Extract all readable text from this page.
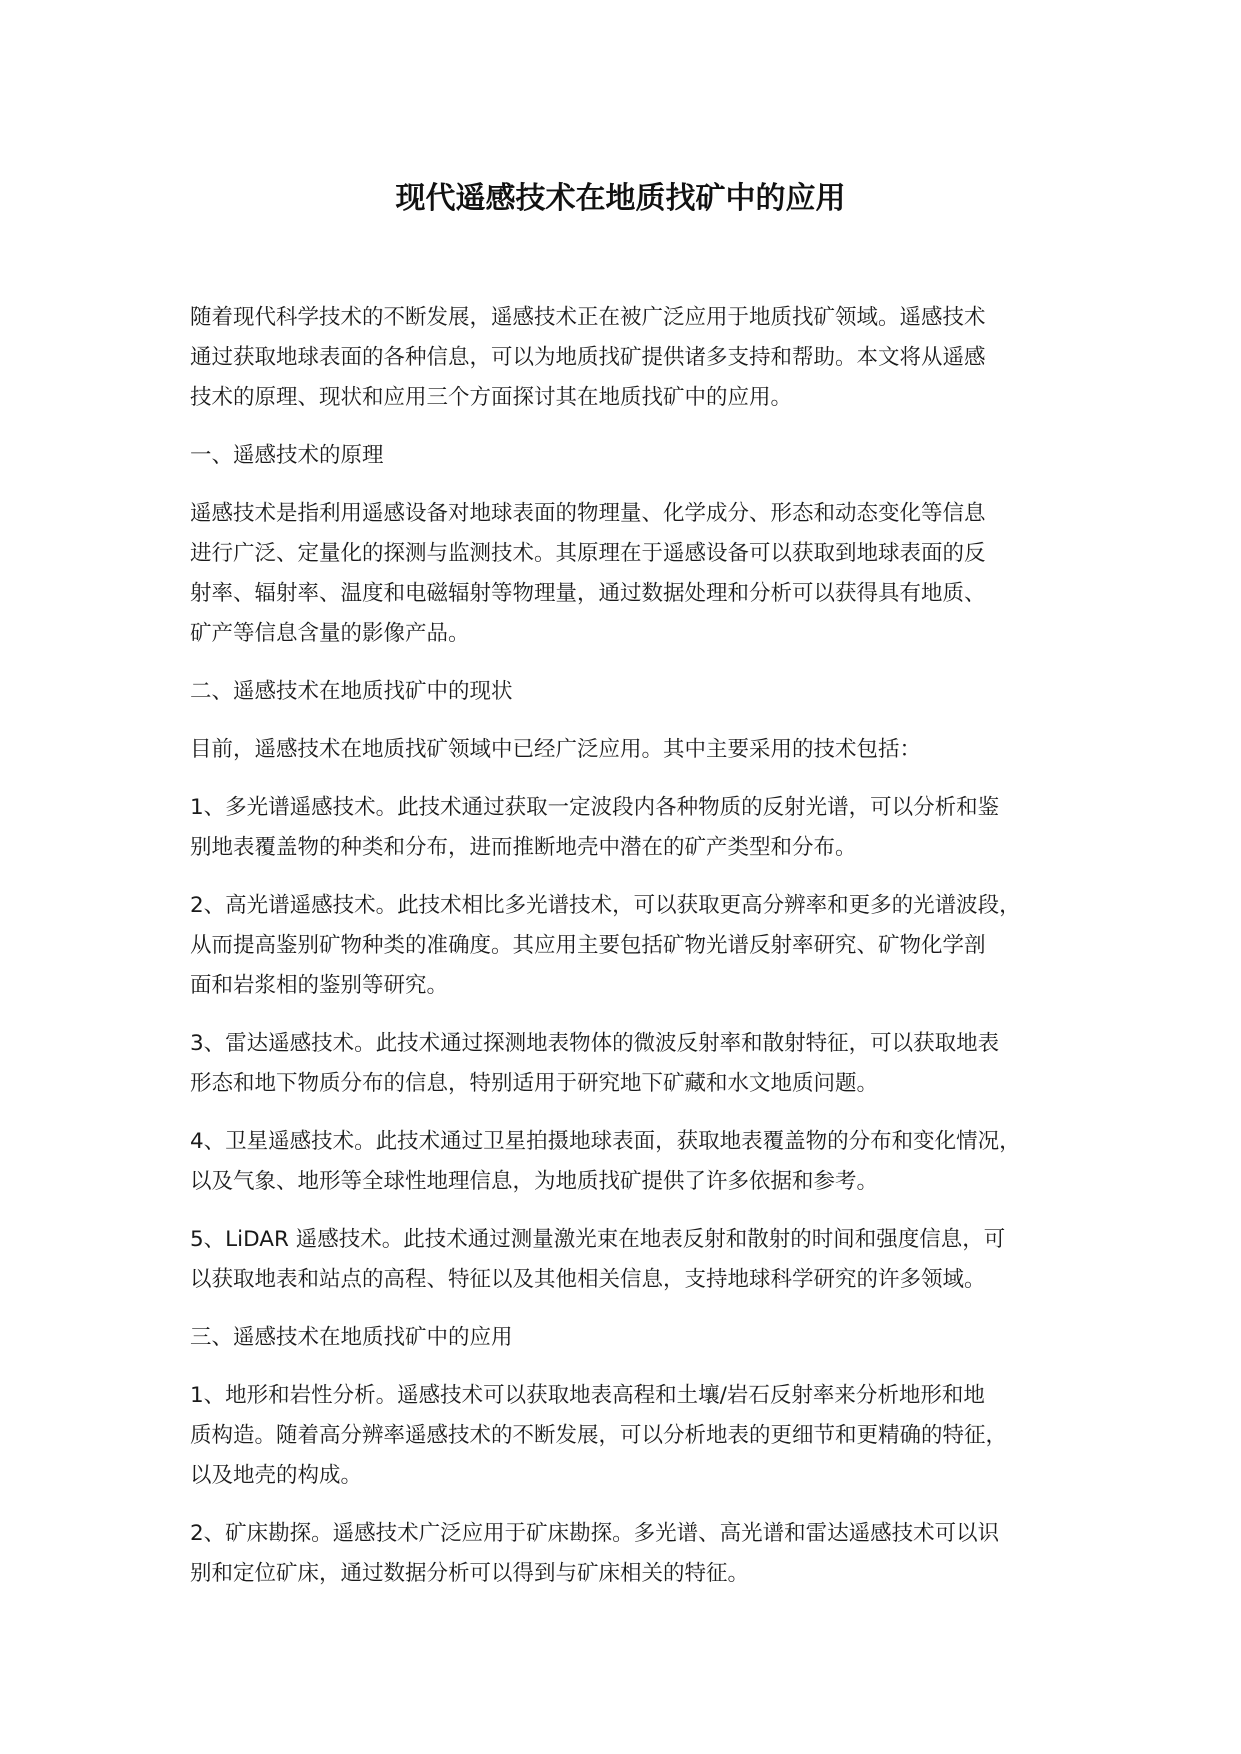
现代遥感技术在地质找矿中的应用

随着现代科学技术的不断发展，遥感技术正在被广泛应用于地质找矿领域。遥感技术
通过获取地球表面的各种信息，可以为地质找矿提供诸多支持和帮助。本文将从遥感
技术的原理、现状和应用三个方面探讨其在地质找矿中的应用。

一、遥感技术的原理

遥感技术是指利用遥感设备对地球表面的物理量、化学成分、形态和动态变化等信息
进行广泛、定量化的探测与监测技术。其原理在于遥感设备可以获取到地球表面的反
射率、辐射率、温度和电磁辐射等物理量，通过数据处理和分析可以获得具有地质、
矿产等信息含量的影像产品。

二、遥感技术在地质找矿中的现状

目前，遥感技术在地质找矿领域中已经广泛应用。其中主要采用的技术包括：

1、多光谱遥感技术。此技术通过获取一定波段内各种物质的反射光谱，可以分析和鉴
别地表覆盖物的种类和分布，进而推断地壳中潜在的矿产类型和分布。

2、高光谱遥感技术。此技术相比多光谱技术，可以获取更高分辨率和更多的光谱波段，
从而提高鉴别矿物种类的准确度。其应用主要包括矿物光谱反射率研究、矿物化学剖
面和岩浆相的鉴别等研究。

3、雷达遥感技术。此技术通过探测地表物体的微波反射率和散射特征，可以获取地表
形态和地下物质分布的信息，特别适用于研究地下矿藏和水文地质问题。

4、卫星遥感技术。此技术通过卫星拍摄地球表面，获取地表覆盖物的分布和变化情况，
以及气象、地形等全球性地理信息，为地质找矿提供了许多依据和参考。

5、LiDAR 遥感技术。此技术通过测量激光束在地表反射和散射的时间和强度信息，可
以获取地表和站点的高程、特征以及其他相关信息，支持地球科学研究的许多领域。

三、遥感技术在地质找矿中的应用

1、地形和岩性分析。遥感技术可以获取地表高程和土壤/岩石反射率来分析地形和地
质构造。随着高分辨率遥感技术的不断发展，可以分析地表的更细节和更精确的特征，
以及地壳的构成。

2、矿床勘探。遥感技术广泛应用于矿床勘探。多光谱、高光谱和雷达遥感技术可以识
别和定位矿床，通过数据分析可以得到与矿床相关的特征。
